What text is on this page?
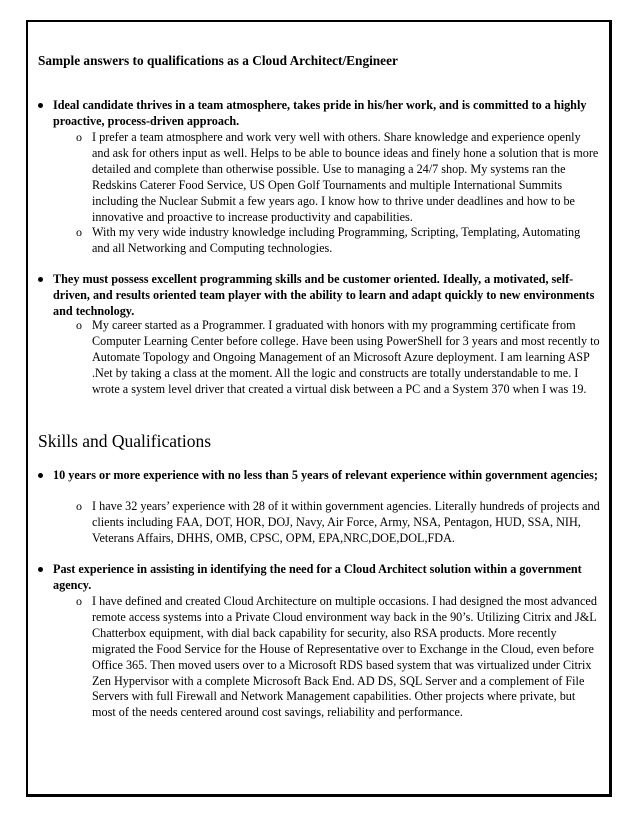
Sample answers to qualifications as a Cloud Architect/Engineer
Ideal candidate thrives in a team atmosphere, takes pride in his/her work, and is committed to a highly proactive, process-driven approach.
o I prefer a team atmosphere and work very well with others. Share knowledge and experience openly and ask for others input as well. Helps to be able to bounce ideas and finely hone a solution that is more detailed and complete than otherwise possible. Use to managing a 24/7 shop. My systems ran the Redskins Caterer Food Service, US Open Golf Tournaments and multiple International Summits including the Nuclear Submit a few years ago. I know how to thrive under deadlines and how to be innovative and proactive to increase productivity and capabilities.
o With my very wide industry knowledge including Programming, Scripting, Templating, Automating and all Networking and Computing technologies.
They must possess excellent programming skills and be customer oriented. Ideally, a motivated, self-driven, and results oriented team player with the ability to learn and adapt quickly to new environments and technology.
o My career started as a Programmer. I graduated with honors with my programming certificate from Computer Learning Center before college. Have been using PowerShell for 3 years and most recently to Automate Topology and Ongoing Management of an Microsoft Azure deployment. I am learning ASP .Net by taking a class at the moment. All the logic and constructs are totally understandable to me. I wrote a system level driver that created a virtual disk between a PC and a System 370 when I was 19.
Skills and Qualifications
10 years or more experience with no less than 5 years of relevant experience within government agencies;
o I have 32 years’ experience with 28 of it within government agencies. Literally hundreds of projects and clients including FAA, DOT, HOR, DOJ, Navy, Air Force, Army, NSA, Pentagon, HUD, SSA, NIH, Veterans Affairs, DHHS, OMB, CPSC, OPM, EPA,NRC,DOE,DOL,FDA.
Past experience in assisting in identifying the need for a Cloud Architect solution within a government agency.
o I have defined and created Cloud Architecture on multiple occasions. I had designed the most advanced remote access systems into a Private Cloud environment way back in the 90’s. Utilizing Citrix and J&L Chatterbox equipment, with dial back capability for security, also RSA products. More recently migrated the Food Service for the House of Representative over to Exchange in the Cloud, even before Office 365. Then moved users over to a Microsoft RDS based system that was virtualized under Citrix Zen Hypervisor with a complete Microsoft Back End. AD DS, SQL Server and a complement of File Servers with full Firewall and Network Management capabilities. Other projects where private, but most of the needs centered around cost savings, reliability and performance.
